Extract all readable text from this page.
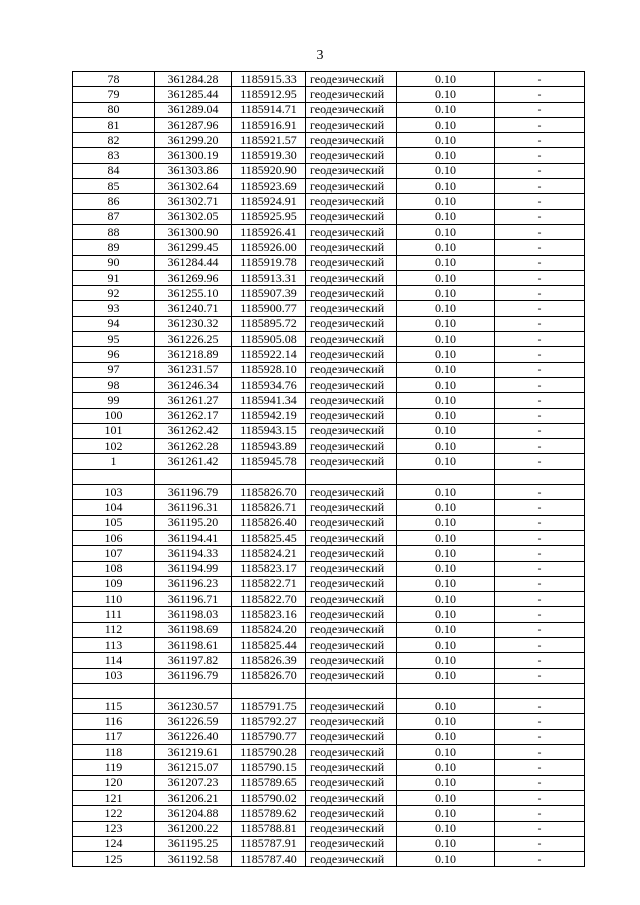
3
78	361284.28	1185915.33	геодезический	0.10	-
79	361285.44	1185912.95	геодезический	0.10	-
80	361289.04	1185914.71	геодезический	0.10	-
81	361287.96	1185916.91	геодезический	0.10	-
82	361299.20	1185921.57	геодезический	0.10	-
83	361300.19	1185919.30	геодезический	0.10	-
84	361303.86	1185920.90	геодезический	0.10	-
85	361302.64	1185923.69	геодезический	0.10	-
86	361302.71	1185924.91	геодезический	0.10	-
87	361302.05	1185925.95	геодезический	0.10	-
88	361300.90	1185926.41	геодезический	0.10	-
89	361299.45	1185926.00	геодезический	0.10	-
90	361284.44	1185919.78	геодезический	0.10	-
91	361269.96	1185913.31	геодезический	0.10	-
92	361255.10	1185907.39	геодезический	0.10	-
93	361240.71	1185900.77	геодезический	0.10	-
94	361230.32	1185895.72	геодезический	0.10	-
95	361226.25	1185905.08	геодезический	0.10	-
96	361218.89	1185922.14	геодезический	0.10	-
97	361231.57	1185928.10	геодезический	0.10	-
98	361246.34	1185934.76	геодезический	0.10	-
99	361261.27	1185941.34	геодезический	0.10	-
100	361262.17	1185942.19	геодезический	0.10	-
101	361262.42	1185943.15	геодезический	0.10	-
102	361262.28	1185943.89	геодезический	0.10	-
1	361261.42	1185945.78	геодезический	0.10	-

103	361196.79	1185826.70	геодезический	0.10	-
104	361196.31	1185826.71	геодезический	0.10	-
105	361195.20	1185826.40	геодезический	0.10	-
106	361194.41	1185825.45	геодезический	0.10	-
107	361194.33	1185824.21	геодезический	0.10	-
108	361194.99	1185823.17	геодезический	0.10	-
109	361196.23	1185822.71	геодезический	0.10	-
110	361196.71	1185822.70	геодезический	0.10	-
111	361198.03	1185823.16	геодезический	0.10	-
112	361198.69	1185824.20	геодезический	0.10	-
113	361198.61	1185825.44	геодезический	0.10	-
114	361197.82	1185826.39	геодезический	0.10	-
103	361196.79	1185826.70	геодезический	0.10	-

115	361230.57	1185791.75	геодезический	0.10	-
116	361226.59	1185792.27	геодезический	0.10	-
117	361226.40	1185790.77	геодезический	0.10	-
118	361219.61	1185790.28	геодезический	0.10	-
119	361215.07	1185790.15	геодезический	0.10	-
120	361207.23	1185789.65	геодезический	0.10	-
121	361206.21	1185790.02	геодезический	0.10	-
122	361204.88	1185789.62	геодезический	0.10	-
123	361200.22	1185788.81	геодезический	0.10	-
124	361195.25	1185787.91	геодезический	0.10	-
125	361192.58	1185787.40	геодезический	0.10	-
